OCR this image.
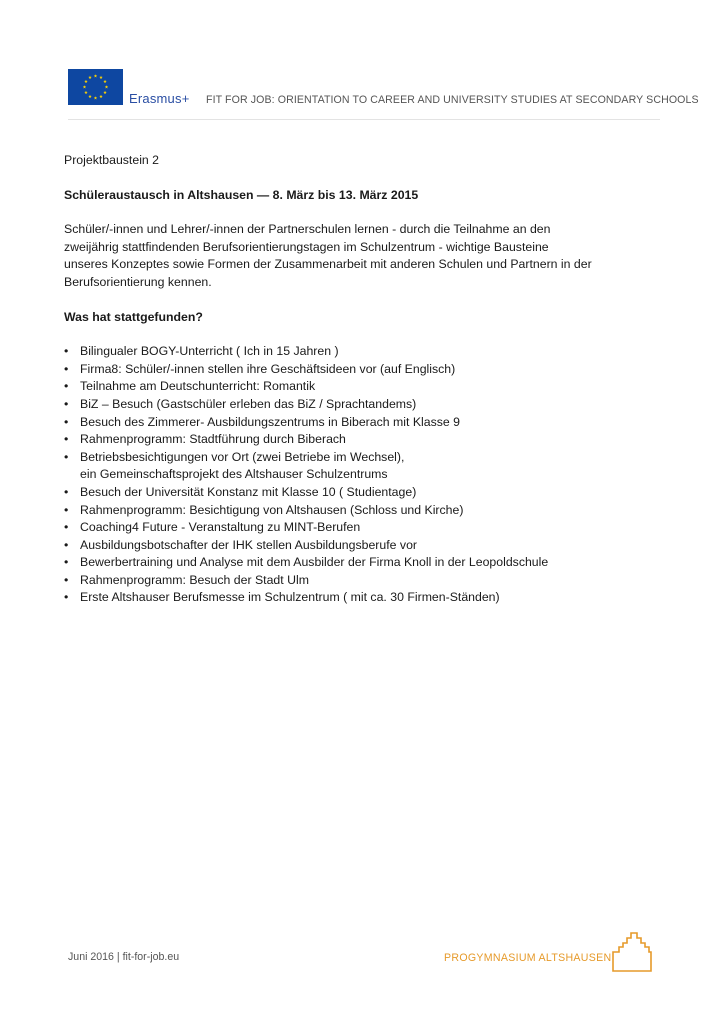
Erasmus+ FIT FOR JOB: ORIENTATION TO CAREER AND UNIVERSITY STUDIES AT SECONDARY SCHOOLS

Projektbaustein 2

Schüleraustausch in Altshausen — 8. März bis 13. März 2015

Schüler/-innen und Lehrer/-innen der Partnerschulen lernen - durch die Teilnahme an den
zweijährig stattfindenden Berufsorientierungstagen im Schulzentrum - wichtige Bausteine
unseres Konzeptes sowie Formen der Zusammenarbeit mit anderen Schulen und Partnern in der
Berufsorientierung kennen.

Was hat stattgefunden?

• Bilingualer BOGY-Unterricht ( Ich in 15 Jahren )
• Firma8: Schüler/-innen stellen ihre Geschäftsideen vor (auf Englisch)
• Teilnahme am Deutschunterricht: Romantik
• BiZ – Besuch (Gastschüler erleben das BiZ / Sprachtandems)
• Besuch des Zimmerer- Ausbildungszentrums in Biberach mit Klasse 9
• Rahmenprogramm: Stadtführung durch Biberach
• Betriebsbesichtigungen vor Ort (zwei Betriebe im Wechsel),
ein Gemeinschaftsprojekt des Altshauser Schulzentrums
• Besuch der Universität Konstanz mit Klasse 10 ( Studientage)
• Rahmenprogramm: Besichtigung von Altshausen (Schloss und Kirche)
• Coaching4 Future - Veranstaltung zu MINT-Berufen
• Ausbildungsbotschafter der IHK stellen Ausbildungsberufe vor
• Bewerbertraining und Analyse mit dem Ausbilder der Firma Knoll in der Leopoldschule
• Rahmenprogramm: Besuch der Stadt Ulm
• Erste Altshauser Berufsmesse im Schulzentrum ( mit ca. 30 Firmen-Ständen)
Juni 2016 | fit-for-job.eu	PROGYMNASIUM ALTSHAUSEN
